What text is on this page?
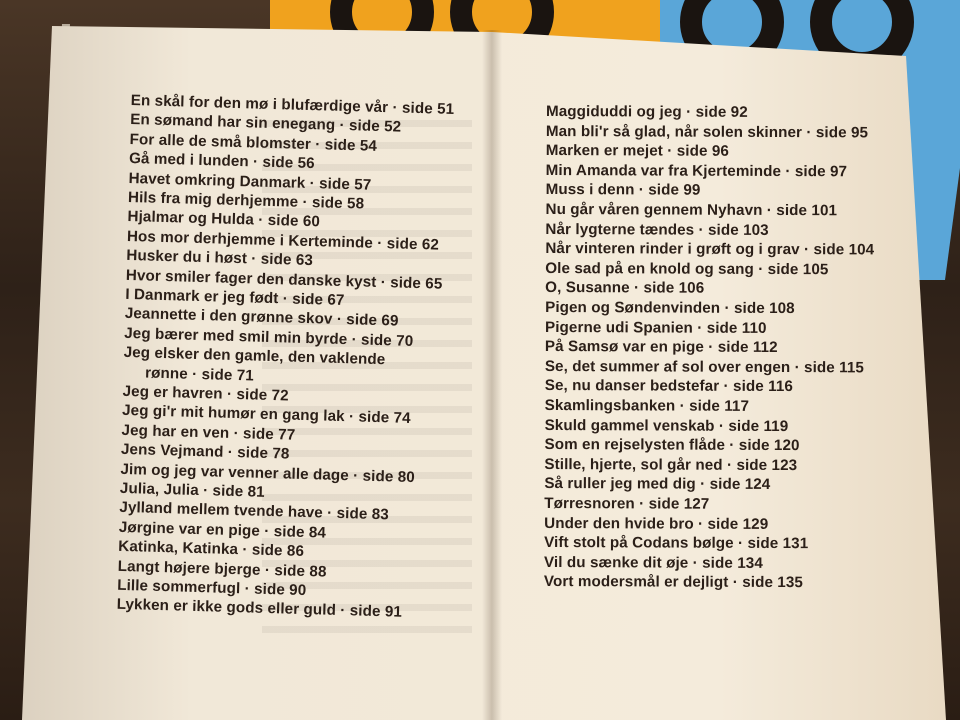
En skål for den mø i blufærdige vår · side 51
En sømand har sin enegang · side 52
For alle de små blomster · side 54
Gå med i lunden · side 56
Havet omkring Danmark · side 57
Hils fra mig derhjemme · side 58
Hjalmar og Hulda · side 60
Hos mor derhjemme i Kerteminde · side 62
Husker du i høst · side 63
Hvor smiler fager den danske kyst · side 65
I Danmark er jeg født · side 67
Jeannette i den grønne skov · side 69
Jeg bærer med smil min byrde · side 70
Jeg elsker den gamle, den vaklende
rønne · side 71
Jeg er havren · side 72
Jeg gi'r mit humør en gang lak · side 74
Jeg har en ven · side 77
Jens Vejmand · side 78
Jim og jeg var venner alle dage · side 80
Julia, Julia · side 81
Jylland mellem tvende have · side 83
Jørgine var en pige · side 84
Katinka, Katinka · side 86
Langt højere bjerge · side 88
Lille sommerfugl · side 90
Lykken er ikke gods eller guld · side 91
Maggiduddi og jeg · side 92
Man bli'r så glad, når solen skinner · side 95
Marken er mejet · side 96
Min Amanda var fra Kjerteminde · side 97
Muss i denn · side 99
Nu går våren gennem Nyhavn · side 101
Når lygterne tændes · side 103
Når vinteren rinder i grøft og i grav · side 104
Ole sad på en knold og sang · side 105
O, Susanne · side 106
Pigen og Søndenvinden · side 108
Pigerne udi Spanien · side 110
På Samsø var en pige · side 112
Se, det summer af sol over engen · side 115
Se, nu danser bedstefar · side 116
Skamlingsbanken · side 117
Skuld gammel venskab · side 119
Som en rejselysten flåde · side 120
Stille, hjerte, sol går ned · side 123
Så ruller jeg med dig · side 124
Tørresnoren · side 127
Under den hvide bro · side 129
Vift stolt på Codans bølge · side 131
Vil du sænke dit øje · side 134
Vort modersmål er dejligt · side 135
